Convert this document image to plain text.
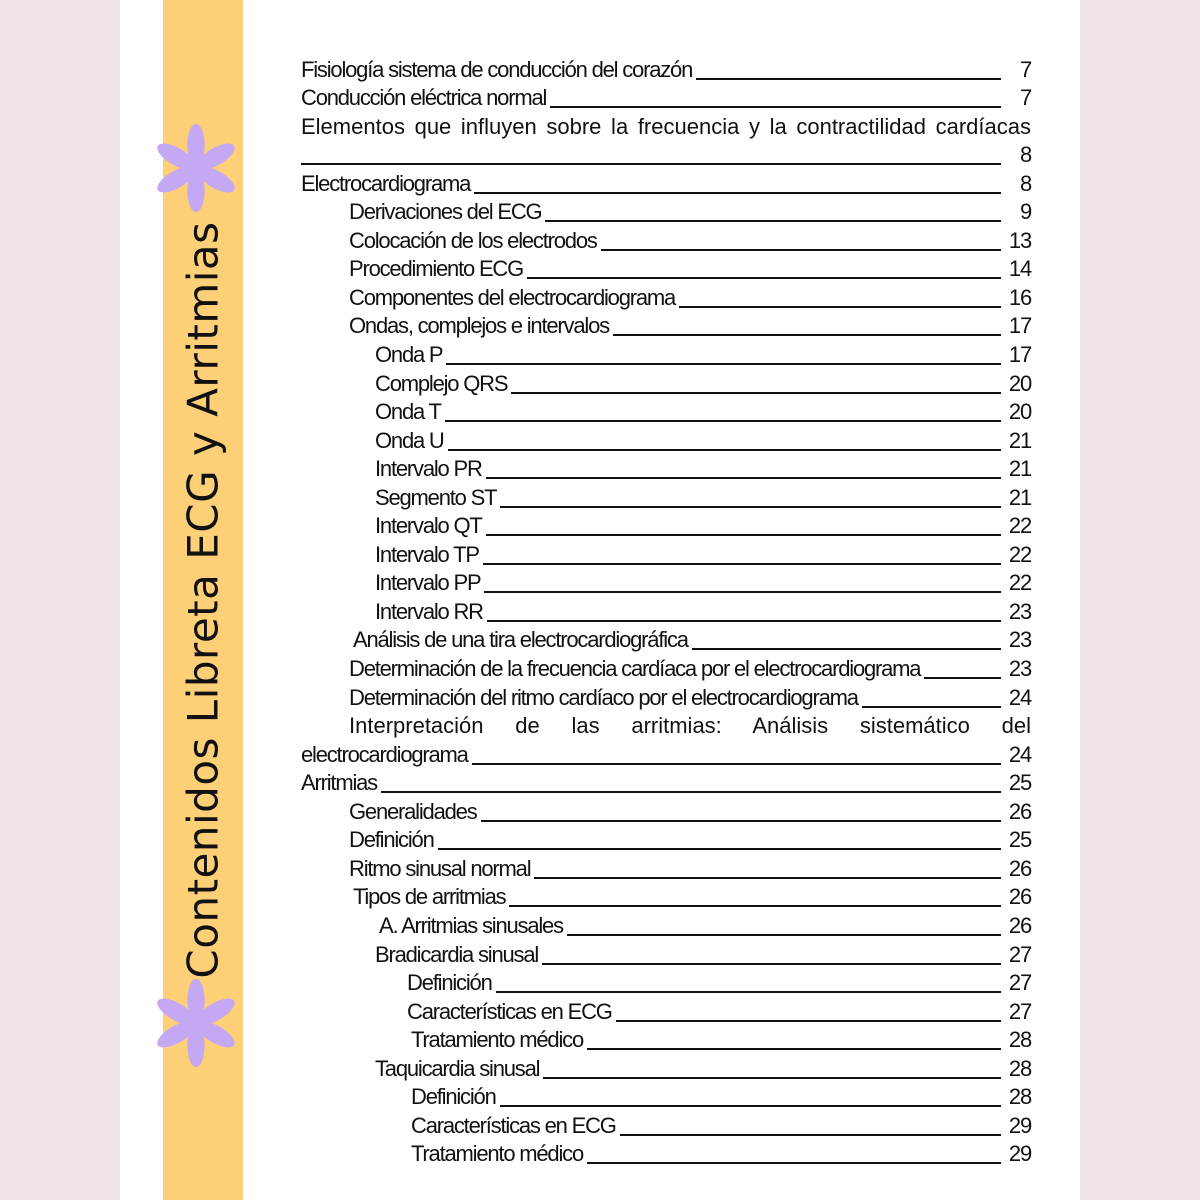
Contenidos Libreta ECG y Arritmias
Fisiología sistema de conducción del corazón	7
Conducción eléctrica normal	7
Elementos que influyen sobre la frecuencia y la contractilidad cardíacas
8
Electrocardiograma	8
Derivaciones del ECG	9
Colocación de los electrodos	13
Procedimiento ECG	14
Componentes del electrocardiograma	16
Ondas, complejos e intervalos	17
Onda P	17
Complejo QRS	20
Onda T	20
Onda U	21
Intervalo PR	21
Segmento ST	21
Intervalo QT	22
Intervalo TP	22
Intervalo PP	22
Intervalo RR	23
Análisis de una tira electrocardiográfica	23
Determinación de la frecuencia cardíaca por el electrocardiograma	23
Determinación del ritmo cardíaco por el electrocardiograma	24
Interpretación de las arritmias: Análisis sistemático del
electrocardiograma	24
Arritmias	25
Generalidades	26
Definición	25
Ritmo sinusal normal	26
Tipos de arritmias	26
A. Arritmias sinusales	26
Bradicardia sinusal	27
Definición	27
Características en ECG	27
Tratamiento médico	28
Taquicardia sinusal	28
Definición	28
Características en ECG	29
Tratamiento médico	29
